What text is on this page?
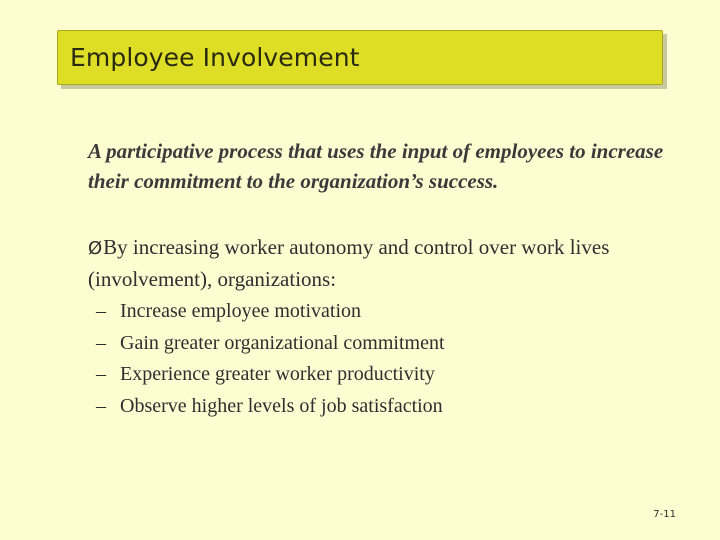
Employee Involvement
A participative process that uses the input of employees to increase their commitment to the organization’s success.
ØBy increasing worker autonomy and control over work lives (involvement), organizations:
– Increase employee motivation
– Gain greater organizational commitment
– Experience greater worker productivity
– Observe higher levels of job satisfaction
7-11
